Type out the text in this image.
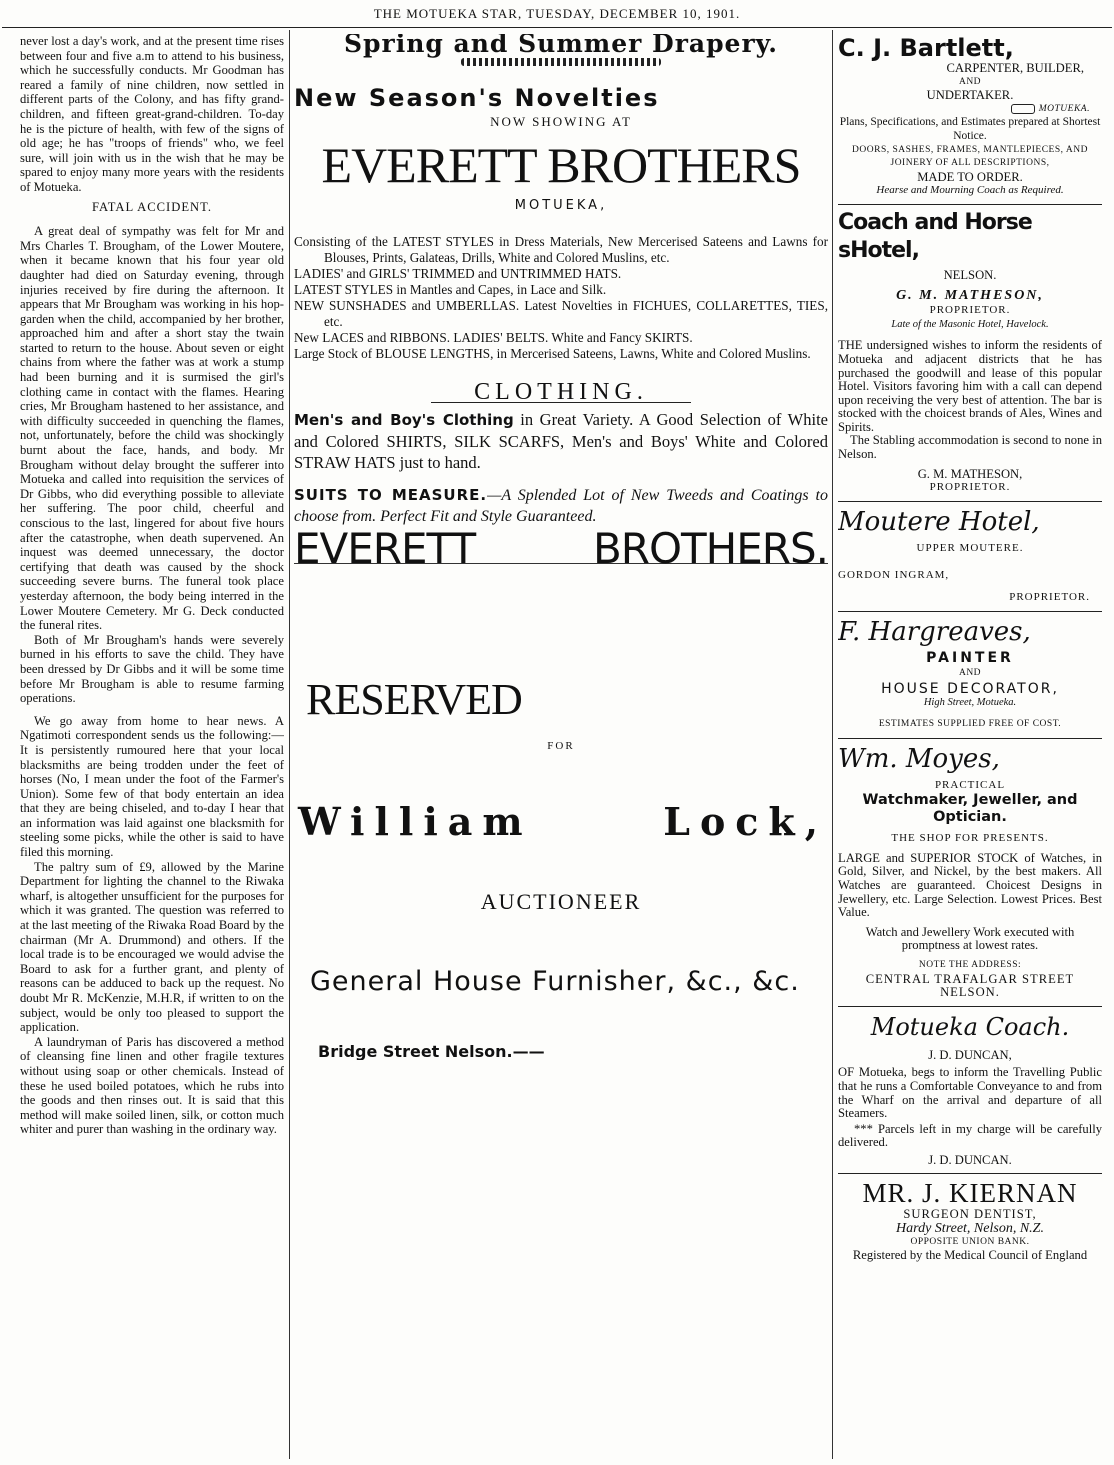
THE MOTUEKA STAR, TUESDAY, DECEMBER 10, 1901.

never lost a day's work, and at the present time rises between four and five a.m to attend to his business, which he successfully conducts. Mr Goodman has reared a family of nine children, now settled in different parts of the Colony, and has fifty grand-children, and fifteen great-grand-children. To-day he is the picture of health, with few of the signs of old age; he has "troops of friends" who, we feel sure, will join with us in the wish that he may be spared to enjoy many more years with the residents of Motueka.

FATAL ACCIDENT.

A great deal of sympathy was felt for Mr and Mrs Charles T. Brougham, of the Lower Moutere, when it became known that his four year old daughter had died on Saturday evening, through injuries received by fire during the afternoon. It appears that Mr Brougham was working in his hop-garden when the child, accompanied by her brother, approached him and after a short stay the twain started to return to the house. About seven or eight chains from where the father was at work a stump had been burning and it is surmised the girl's clothing came in contact with the flames. Hearing cries, Mr Brougham hastened to her assistance, and with difficulty succeeded in quenching the flames, not, unfortunately, before the child was shockingly burnt about the face, hands, and body. Mr Brougham without delay brought the sufferer into Motueka and called into requisition the services of Dr Gibbs, who did everything possible to alleviate her suffering. The poor child, cheerful and conscious to the last, lingered for about five hours after the catastrophe, when death supervened. An inquest was deemed unnecessary, the doctor certifying that death was caused by the shock succeeding severe burns. The funeral took place yesterday afternoon, the body being interred in the Lower Moutere Cemetery. Mr G. Deck conducted the funeral rites.

Both of Mr Brougham's hands were severely burned in his efforts to save the child. They have been dressed by Dr Gibbs and it will be some time before Mr Brougham is able to resume farming operations.

We go away from home to hear news. A Ngatimoti correspondent sends us the following:—It is persistently rumoured here that your local blacksmiths are being trodden under the feet of horses (No, I mean under the foot of the Farmer's Union). Some few of that body entertain an idea that they are being chiseled, and to-day I hear that an information was laid against one blacksmith for steeling some picks, while the other is said to have filed this morning.

The paltry sum of £9, allowed by the Marine Department for lighting the channel to the Riwaka wharf, is altogether unsufficient for the purposes for which it was granted. The question was referred to at the last meeting of the Riwaka Road Board by the chairman (Mr A. Drummond) and others. If the local trade is to be encouraged we would advise the Board to ask for a further grant, and plenty of reasons can be adduced to back up the request. No doubt Mr R. McKenzie, M.H.R, if written to on the subject, would be only too pleased to support the application.

A laundryman of Paris has discovered a method of cleansing fine linen and other fragile textures without using soap or other chemicals. Instead of these he used boiled potatoes, which he rubs into the goods and then rinses out. It is said that this method will make soiled linen, silk, or cotton much whiter and purer than washing in the ordinary way.

Spring and Summer Drapery.
New Season's Novelties
NOW SHOWING AT
EVERETT BROTHERS
MOTUEKA,

Consisting of the LATEST STYLES in Dress Materials, New Mercerised Sateens and Lawns for Blouses, Prints, Galateas, Drills, White and Colored Muslins, etc.

LADIES' and GIRLS' TRIMMED and UNTRIMMED HATS.

LATEST STYLES in Mantles and Capes, in Lace and Silk.

NEW SUNSHADES and UMBERLLAS. Latest Novelties in FICHUES, COLLARETTES, TIES, etc.

New LACES and RIBBONS. LADIES' BELTS. White and Fancy SKIRTS.

Large Stock of BLOUSE LENGTHS, in Mercerised Sateens, Lawns, White and Colored Muslins.

CLOTHING.
Men's and Boy's Clothing in Great Variety. A Good Selection of White and Colored SHIRTS, SILK SCARFS, Men's and Boys' White and Colored STRAW HATS just to hand.
SUITS TO MEASURE.—A Splended Lot of New Tweeds and Coatings to choose from. Perfect Fit and Style Guaranteed.
EVERETT	BROTHERS.
RESERVED
FOR
William	Lock,
AUCTIONEER
General House Furnisher, &c., &c.
Bridge Street Nelson.——
C. J. Bartlett,
CARPENTER, BUILDER,
AND
UNDERTAKER.
MOTUEKA.
Plans, Specifications, and Estimates prepared at Shortest Notice.
DOORS, SASHES, FRAMES, MANTLEPIECES, AND JOINERY OF ALL DESCRIPTIONS,
MADE TO ORDER.
Hearse and Mourning Coach as Required.
Coach and Horse sHotel,
NELSON.
G. M. MATHESON,
PROPRIETOR.
Late of the Masonic Hotel, Havelock.
THE undersigned wishes to inform the residents of Motueka and adjacent districts that he has purchased the goodwill and lease of this popular Hotel. Visitors favoring him with a call can depend upon receiving the very best of attention. The bar is stocked with the choicest brands of Ales, Wines and Spirits.
The Stabling accommodation is second to none in Nelson.
G. M. MATHESON,
PROPRIETOR.
Moutere Hotel,
UPPER MOUTERE.
GORDON INGRAM,
PROPRIETOR.
F. Hargreaves,
PAINTER
AND
HOUSE DECORATOR,
High Street, Motueka.
ESTIMATES SUPPLIED FREE OF COST.
Wm. Moyes,
PRACTICAL
Watchmaker, Jeweller, and Optician.
THE SHOP FOR PRESENTS.
LARGE and SUPERIOR STOCK of Watches, in Gold, Silver, and Nickel, by the best makers. All Watches are guaranteed. Choicest Designs in Jewellery, etc. Large Selection. Lowest Prices. Best Value.
Watch and Jewellery Work executed with promptness at lowest rates.
NOTE THE ADDRESS:
CENTRAL TRAFALGAR STREET NELSON.
Motueka Coach.
J. D. DUNCAN,
OF Motueka, begs to inform the Travelling Public that he runs a Comfortable Conveyance to and from the Wharf on the arrival and departure of all Steamers.
*** Parcels left in my charge will be carefully delivered.
J. D. DUNCAN.
MR. J. KIERNAN
SURGEON DENTIST,
Hardy Street, Nelson, N.Z.
OPPOSITE UNION BANK.
Registered by the Medical Council of England
